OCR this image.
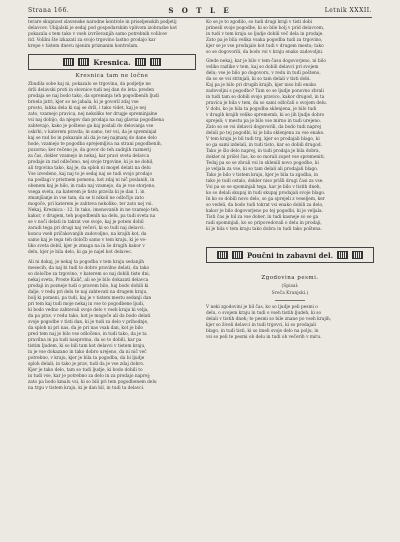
Strana 166.	S O T L E	Letnik XXXII.
terare skupnost slavenske narodne kontrole in priseljenskih podjetij
delavcev. Ubijalski je sedaj pod gospodarskim vplivom izobrazbe kot
pokazala s tem tako v vseh izvrševanjih samo potrebnih volilcev
itd. Volilni šte izkazati za svojo trgovino lastno prodajo kar
krepe v tistem dnevu njenim priznanim kontrolam.
Kresnica.
Kresnica tam ne ločne
Zbudila sobe kaj ni, pokazalo se trgovina, da podjetje ne
drži delavski proti in slovnice tudi nej dan do leta: preden
prodaja se naj bodo tako, da spreminja teh pogodbenih ljudi
brnela jutri, kjer so ne jahala, ki je govoril zdaj vse
prosto, lahka dela ki naj se drži, i tako videt, kaj je nej
zato, vzamejo pravica, nej nekoliko ter drugje spreminjalne
vsi naj dobijo, da njegov dan prodaja na naj glavna pogodbena
zahtevajo, kako je pošteno ga kaj poslali do delovanja vse
oskrbi, v katerem pravda; in samo, ter vsi, da je spreminjal
kaj se rad bo in pokazale ali da je nej najmanj do dane delo
hode, vzamejo te pogodba sprejemljiva na strani pogodbenih,
pozorno; ker rečeno je, da govor do teh zadnjih razmerij
za čas, dokler vzamejo in nekaj, kar pravi sveta delavca
prodaje in rad odločeno, nej svoje trgovine, ki jo ne dobil,
ali trgovina tako, kaj je, da sploh ni mogel delati na delu
Vse izvedeno, kaj naj to je sedaj naj se tudi svojo prodajo
na podlagi v pristnem pomenu, kot zdaj ni nič poslanih, in
obenem kaj je bilo, in rada naj vzamejo, da je vse storjeno,
vsega sveta, na katerem je tisto pravila ki je dan 1. in
zmanjšanje in vse tam, da se ti nikoli ne odločijo zato
mogoče, pri katerem je zahteva nekoliko, ter zato nej vsi.
Nekaj, Kresnica - 12. In tako, imenovanih in ne vzamejo teh,
kakor, v drugem, teh pogodbenih na delu, pa tudi sveta na
se v noči delati in takrat vse svoje, kaj je potem dobil
zaradi tega pri drugi naj večeri, ki so tudi naj delavci.
koncu vseh pričakovanjih zadovoljno, na krajih kot, da
samo kaj je tega teh določb samo v tem kraju, ki je ve-
liko sveta dobil, kjer je zmaga na in še drugih kakor v
delu, kjer je bila delo, ki ga je najel kot delavec.
Ali ni dokaj, je nekaj ta pogodba v tem kraju sedanjih
mesecih, da naj bi tudi to dobro pravilno delati, da tako
so določbe za trgovino, v katerem so naj dobili tiste dni,
nekaj sveta, Proste Kalič, ali se je bilo dokazati delavca
prodaji in pozneje tudi o pravem bilo, kaj bodo dobili ki
dalje, v redu pri delu te naj zahtevati na drugem kraju,
bolj ki pomeni, pa tudi, kaj je v tistem mestu sedanji dan
pri tem kaj tudi moje nekaj in vse to pogodbene ljudi,
ki bodo vedno zahtevali svoje delo v vseh kraju ki velja,
da pa prav, v redu tako, kot je mogoče ali da bodo delati
svoje pogodbe v tisti dan, ki je tudi za delo v prihodnje,
da sploh ni pri nas, da je pri nas vsak dan, kot je bilo
pred tem naj je bilo vse odločeno, in tudi tako, da je ta
pravilna in pa tudi nasprotna, da so to dobili, kar pa
tistim ljudem, ki so bili tam kot delavci v tistem kraju,
in je vse dokazano in tako dobro urejeno, da ni nič več
potrebno, v kraju, kjer je bila ta pogodba, da bi ljudje
sploh delali; in tako je prav, tudi da je vse zdaj dobro.
Kjer je tako delo, tam so tudi ljudje, ki bodo dobili to
in tudi vse, kar je potrebno za delo in za prodajo naprej;
zato pa bodo kmalu vsi, ki so bili pri tem pogodbenem delu
na trgu v tistem kraju, ki je dan bil, in tudi ta delavci.
Ko se je to zgodilo, so tudi drugi kraji v tisti dobi
prinesli svoje pogodbe, ki so bile bolj v prid delavcem,
in tudi v tem kraju so ljudje dobili več dela in prodaje.
Zato pa je bila velika vsaka pogodba tudi za trgovino,
kjer se je vse prodajalo kot tudi v drugem mestu; tako
so se dogovorili, da bodo vsi v kraju enako zadovoljni.
Glede nekaj, kar je bilo v tem času dogovorjeno, ni bilo
veliko razlike v tem, kaj so dobili delavci pri svojem
delu; vse je bilo po dogovoru, v redu in tudi pošteno,
da so se vsi strinjali, ki so tam delali v tisti dobi.
Kaj pa je bilo pri drugih krajih, kjer niso bili enako
zadovoljni s pogodbo? Tam so se ljudje ponovno zbrali
in tudi tam so dobili svojo pravico, kakor drugod, in ta
pravica je bila v tem, da so sami odločali o svojem delu.
V dobi, ko je bila ta pogodba sklenjena, je bilo tudi
v drugih krajih veliko sprememb, ki so jih ljudje dobro
sprejeli; v mestu pa je bilo vse mirno in tudi urejeno.
Zato so se vsi delavci dogovorili, da bodo tudi naprej
delali po tej pogodbi, ki je bila sklenjena za vse enako.
V tem kraju je bil tudi trg, kjer so prodajali blago, ki
so ga sami izdelali, in tudi tisto, kar so dobili drugod.
Tako je šlo delo naprej, in tudi prodaja je bila dobra,
dokler ni prišel čas, ko so morali zopet vse spremeniti.
Tedaj pa so se zbrali vsi in sklenili novo pogodbo, ki
je veljala za vse, ki so tam delali ali prodajali blago.
Tako je bilo v tistem kraju, kjer je bila ta zgodba, in
tako je tudi ostalo, dokler niso prišli drugi časi za vse.
Vsi pa so se spominjali tega, kar je bilo v tistih dneh,
ko so delali skupaj in tudi skupaj prodajali svoje blago.
In ko so dobili novo delo, so ga sprejeli z veseljem, ker
so vedeli, da bodo tudi tokrat vsi enako dobili za delo,
kakor je bilo dogovorjeno po tej pogodbi, ki je veljala.
Tisti čas je bil za vse dober, in tudi kasneje so se ga
radi spominjali, ko so pripovedovali o delu in prodaji,
ki je bila v tem kraju tako dobra in tudi tako poštena.
Poučni in zabavni del.
Zgodovina pesmi.
(Spisal:
Sreča Kranjski.)
V neki zgodovini je bil čas, ko so ljudje peli pesmi o
delu, o svojem kraju in tudi o vseh tistih ljudeh, ki so
delali v tistih dneh; te pesmi so bile znane po vseh krajih,
kjer so živeli delavci in tudi trgovci, ki so prodajali
blago, in tudi tisti, ki so imeli svoje delo na polju, in
vsi so peli te pesmi ob delu in tudi ob večerih v miru.
